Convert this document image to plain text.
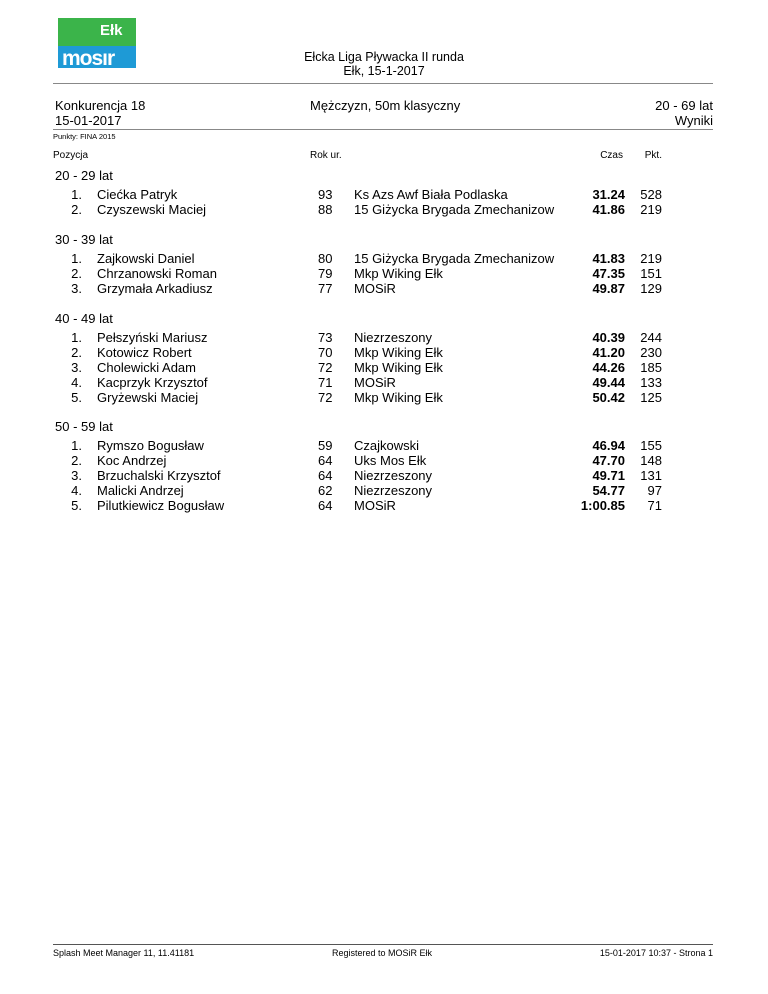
Ełk
mosır	Ełcka Liga Pływacka II runda
Ełk, 15-1-2017
Konkurencja 18
15-01-2017
Mężczyzn, 50m klasyczny	20 - 69 lat
Wyniki
Punkty: FINA 2015
Pozycja	Rok ur.	Czas	Pkt.
20 - 29 lat
1. Ciećka Patryk	93 Ks Azs Awf Biała Podlaska	31.24	528
2. Czyszewski Maciej	88 15 Giżycka Brygada Zmechanizow	41.86	219
30 - 39 lat
1. Zajkowski Daniel	80 15 Giżycka Brygada Zmechanizow	41.83	219
2. Chrzanowski Roman	79 Mkp Wiking Ełk	47.35	151
3. Grzymała Arkadiusz	77 MOSiR	49.87	129
40 - 49 lat
1. Pełszyński Mariusz	73 Niezrzeszony	40.39	244
2. Kotowicz Robert	70 Mkp Wiking Ełk	41.20	230
3. Cholewicki Adam	72 Mkp Wiking Ełk	44.26	185
4. Kacprzyk Krzysztof	71 MOSiR	49.44	133
5. Gryżewski Maciej	72 Mkp Wiking Ełk	50.42	125
50 - 59 lat
1. Rymszo Bogusław	59 Czajkowski	46.94	155
2. Koc Andrzej	64 Uks Mos Ełk	47.70	148
3. Brzuchalski Krzysztof	64 Niezrzeszony	49.71	131
4. Malicki Andrzej	62 Niezrzeszony	54.77	97
5. Pilutkiewicz Bogusław	64 MOSiR	1:00.85	71
Splash Meet Manager 11, 11.41181	Registered to MOSiR Ełk	15-01-2017 10:37 - Strona 1
